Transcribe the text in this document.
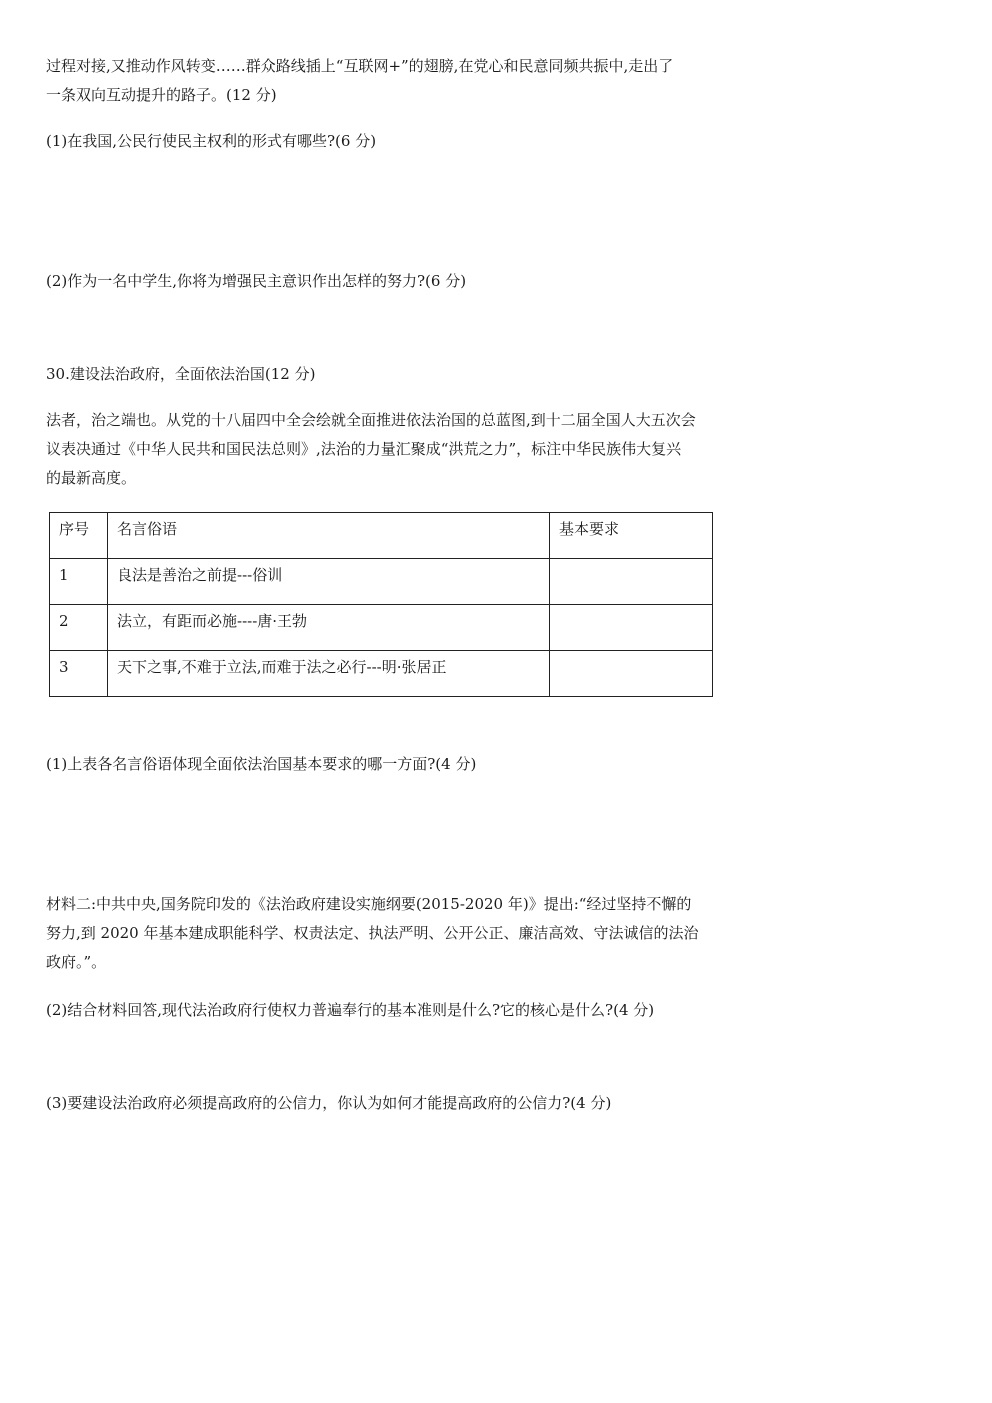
过程对接,又推动作风转变……群众路线插上“互联网+”的翅膀,在党心和民意同频共振中,走出了
一条双向互动提升的路子。(12 分)

(1)在我国,公民行使民主权利的形式有哪些?(6 分)

(2)作为一名中学生,你将为增强民主意识作出怎样的努力?(6 分)

30.建设法治政府，全面依法治国(12 分)

法者，治之端也。从党的十八届四中全会绘就全面推进依法治国的总蓝图,到十二届全国人大五次会
议表决通过《中华人民共和国民法总则》,法治的力量汇聚成“洪荒之力”，标注中华民族伟大复兴
的最新高度。
序号	名言俗语	基本要求
1	良法是善治之前提---俗训	
2	法立，有距而必施----唐·王勃	
3	天下之事,不难于立法,而难于法之必行---明·张居正	

(1)上表各名言俗语体现全面依法治国基本要求的哪一方面?(4 分)

材料二:中共中央,国务院印发的《法治政府建设实施纲要(2015-2020 年)》提出:“经过坚持不懈的
努力,到 2020 年基本建成职能科学、权责法定、执法严明、公开公正、廉洁高效、守法诚信的法治
政府。”。

(2)结合材料回答,现代法治政府行使权力普遍奉行的基本准则是什么?它的核心是什么?(4 分)

(3)要建设法治政府必须提高政府的公信力，你认为如何才能提高政府的公信力?(4 分)
